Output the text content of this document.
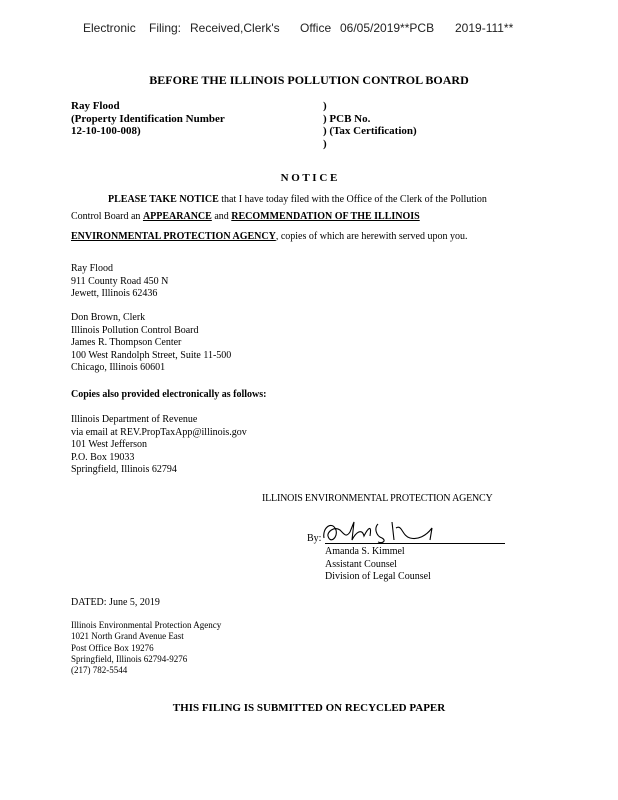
Electronic Filing: Received,Clerk's Office 06/05/2019**PCB 2019-111**
BEFORE THE ILLINOIS POLLUTION CONTROL BOARD
Ray Flood
(Property Identification Number
12-10-100-008)
)
) PCB No.
) (Tax Certification)
)
N O T I C E
PLEASE TAKE NOTICE that I have today filed with the Office of the Clerk of the Pollution
Control Board an APPEARANCE and RECOMMENDATION OF THE ILLINOIS
ENVIRONMENTAL PROTECTION AGENCY, copies of which are herewith served upon you.
Ray Flood
911 County Road 450 N
Jewett, Illinois 62436
Don Brown, Clerk
Illinois Pollution Control Board
James R. Thompson Center
100 West Randolph Street, Suite 11-500
Chicago, Illinois 60601
Copies also provided electronically as follows:
Illinois Department of Revenue
via email at REV.PropTaxApp@illinois.gov
101 West Jefferson
P.O. Box 19033
Springfield, Illinois 62794
ILLINOIS ENVIRONMENTAL PROTECTION AGENCY
By:
Amanda S. Kimmel
Assistant Counsel
Division of Legal Counsel
DATED: June 5, 2019
Illinois Environmental Protection Agency
1021 North Grand Avenue East
Post Office Box 19276
Springfield, Illinois 62794-9276
(217) 782-5544
THIS FILING IS SUBMITTED ON RECYCLED PAPER
